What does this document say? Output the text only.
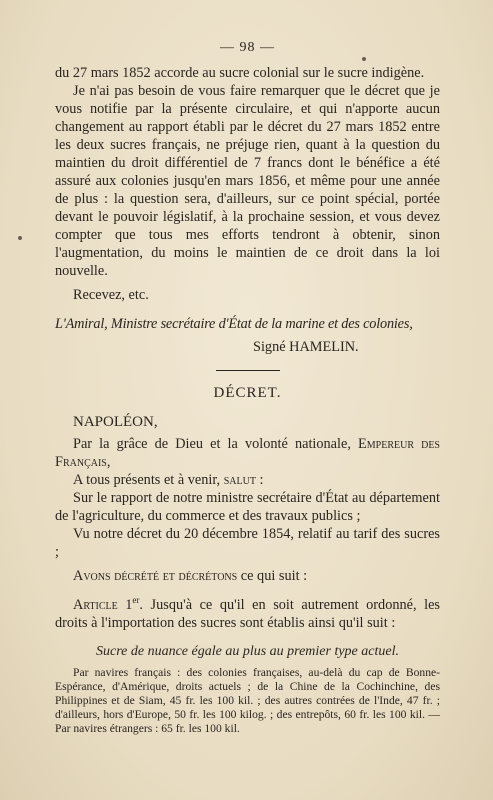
— 98 —

du 27 mars 1852 accorde au sucre colonial sur le sucre indigène.

Je n'ai pas besoin de vous faire remarquer que le décret que je vous notifie par la présente circulaire, et qui n'apporte aucun changement au rapport établi par le décret du 27 mars 1852 entre les deux sucres français, ne préjuge rien, quant à la question du maintien du droit différentiel de 7 francs dont le bénéfice a été assuré aux colonies jusqu'en mars 1856, et même pour une année de plus : la question sera, d'ailleurs, sur ce point spécial, portée devant le pouvoir législatif, à la prochaine session, et vous devez compter que tous mes efforts tendront à obtenir, sinon l'augmentation, du moins le maintien de ce droit dans la loi nouvelle.

Recevez, etc.

L'Amiral, Ministre secrétaire d'État de la marine et des colonies,
Signé HAMELIN.
DÉCRET.
NAPOLÉON,

Par la grâce de Dieu et la volonté nationale, Empereur des Français,

A tous présents et à venir, salut :

Sur le rapport de notre ministre secrétaire d'État au département de l'agriculture, du commerce et des travaux publics ;

Vu notre décret du 20 décembre 1854, relatif au tarif des sucres ;

Avons décrété et décrétons ce qui suit :

Article 1er. Jusqu'à ce qu'il en soit autrement ordonné, les droits à l'importation des sucres sont établis ainsi qu'il suit :

Sucre de nuance égale au plus au premier type actuel.

Par navires français : des colonies françaises, au-delà du cap de Bonne-Espérance, d'Amérique, droits actuels ; de la Chine de la Cochinchine, des Philippines et de Siam, 45 fr. les 100 kil. ; des autres contrées de l'Inde, 47 fr. ; d'ailleurs, hors d'Europe, 50 fr. les 100 kilog. ; des entrepôts, 60 fr. les 100 kil. — Par navires étrangers : 65 fr. les 100 kil.
